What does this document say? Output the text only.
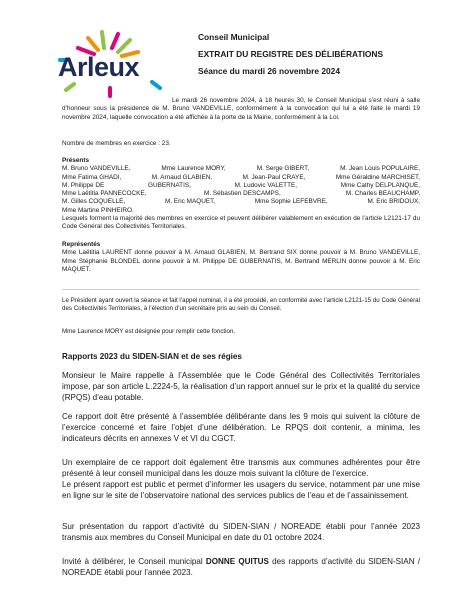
Arleux
Conseil Municipal
EXTRAIT DU REGISTRE DES DÉLIBÉRATIONS
Séance du mardi 26 novembre 2024

Le mardi 26 novembre 2024, à 18 heures 30, le Conseil Municipal s’est réuni à salle d’honneur sous la présidence de M. Bruno VANDEVILLE, conformément à la convocation qui lui a été faite le mardi 19 novembre 2024, laquelle convocation a été affichée à la porte de la Mairie, conformément à la Loi.

Nombre de membres en exercice : 23.

Présents

M. Bruno VANDEVILLE,	Mme Laurence MORY,	M. Serge GIBERT,	M. Jean Louis POPULAIRE,
Mme Fatima GHADI,	M. Arnaud GLABIEN,	M. Jean-Paul CRAYE,	Mme Géraldine MARCHISET,
M. Philippe DE	GUBERNATIS,	M. Ludovic VALETTE,	Mme Cathy DELPLANQUE,
Mme Laëtitia PANNECOCKE,	M. Sébastien DESCAMPS,	M. Charles BEAUCHAMP,
M. Gilles COQUELLE,	M. Eric MAQUET,	Mme Sophie LEFEBVRE,	M. Eric BRIDOUX,

Mme Martine PINHEIRO.

Lesquels forment la majorité des membres en exercice et peuvent délibérer valablement en exécution de l’article L2121-17 du Code Général des Collectivités Territoriales.

Représentés

Mme Laëtitia LAURENT donne pouvoir à M. Arnaud GLABIEN, M. Bertrand SIX donne pouvoir à M. Bruno VANDEVILLE, Mme Stéphanie BLONDEL donne pouvoir à M. Philippe DE GUBERNATIS, M. Bertrand MERLIN donne pouvoir à M. Eric MAQUET.

Le Président ayant ouvert la séance et fait l’appel nominal, il a été procédé, en conformité avec l’article L2121-15 du Code Général des Collectivités Territoriales, à l’élection d’un secrétaire pris au sein du Conseil.

Mme Laurence MORY est désignée pour remplir cette fonction.

Rapports 2023 du SIDEN-SIAN et de ses régies
Monsieur le Maire rappelle à l’Assemblée que le Code Général des Collectivités Territoriales impose, par son article L.2224-5, la réalisation d’un rapport annuel sur le prix et la qualité du service (RPQS) d’eau potable.
Ce rapport doit être présenté à l’assemblée délibérante dans les 9 mois qui suivent la clôture de l’exercice concerné et faire l’objet d’une délibération. Le RPQS doit contenir, a minima, les indicateurs décrits en annexes V et VI du CGCT.

Un exemplaire de ce rapport doit également être transmis aux communes adhérentes pour être présenté à leur conseil municipal dans les douze mois suivant la clôture de l’exercice.

Le présent rapport est public et permet d’informer les usagers du service, notamment par une mise en ligne sur le site de l’observatoire national des services publics de l’eau et de l’assainissement.

Sur présentation du rapport d’activité du SIDEN-SIAN / NOREADE établi pour l’année 2023 transmis aux membres du Conseil Municipal en date du 01 octobre 2024.
Invité à délibérer, le Conseil municipal DONNE QUITUS des rapports d’activité du SIDEN-SIAN / NOREADE établi pour l’année 2023.
